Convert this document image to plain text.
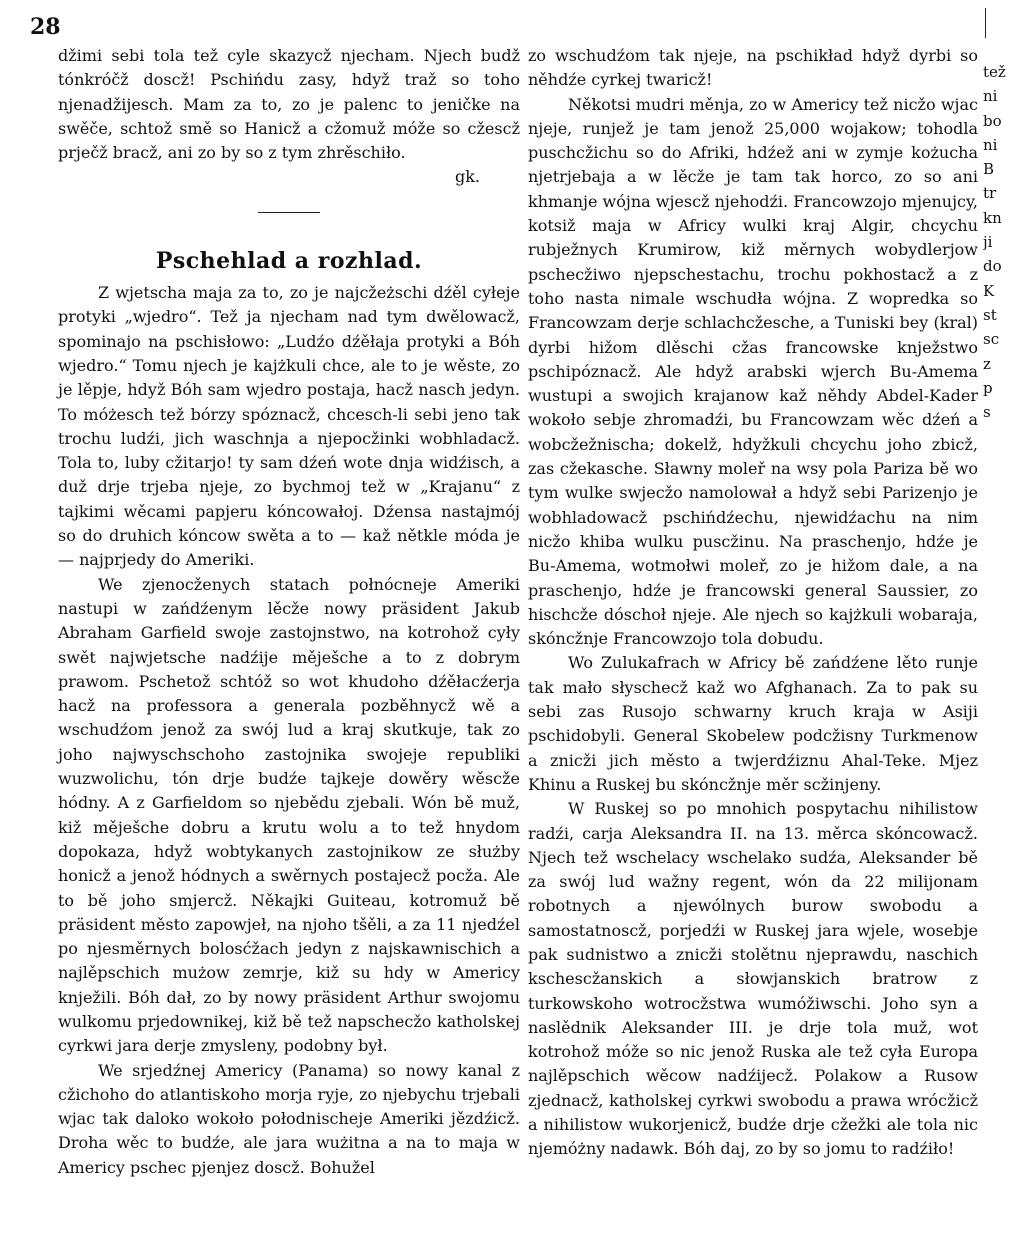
28

džimi sebi tola tež cyle skazycž njecham. Njech budž tónkróčž doscž! Pschińdu zasy, hdyž traž so toho njenadžijesch. Mam za to, zo je palenc to jeničke na swěče, schtož smě so Hanicž a cžomuž móže so cžescž prječž bracž, ani zo by so z tym zhrěschiło.

gk.

Pschehlad a rozhlad.

Z wjetscha maja za to, zo je najcžeżschi dźěl cyłeje protyki „wjedro“. Tež ja njecham nad tym dwělowacž, spominajo na pschisłowo: „Ludźo dźěłaja protyki a Bóh wjedro.“ Tomu njech je kajżkuli chce, ale to je wěste, zo je lěpje, hdyž Bóh sam wjedro postaja, hacž nasch jedyn. To móżesch tež bórzy spóznacž, chcesch-li sebi jeno tak trochu ludźi, jich waschnja a njepocžinki wobhladacž. Tola to, luby cžitarjo! ty sam dźeń wote dnja widźisch, a duž drje trjeba njeje, zo bychmoj tež w „Krajanu“ z tajkimi wěcami papjeru kóncowałoj. Dźensa nastajmój so do druhich kóncow swěta a to — kaž nětkle móda je — najprjedy do Ameriki.

We zjenocženych statach połnócneje Ameriki nastupi w zańdźenym lěcže nowy präsident Jakub Abraham Garfield swoje zastojnstwo, na kotrohož cyły swět najwjetsche nadźije měješche a to z dobrym prawom. Pschetož schtóž so wot khudoho dźěłacźerja hacž na professora a generala pozběhnycž wě a wschudźom jenož za swój lud a kraj skutkuje, tak zo joho najwyschschoho zastojnika swojeje republiki wuzwolichu, tón drje budźe tajkeje dowěry wěscže hódny. A z Garfieldom so njebědu zjebali. Wón bě muž, kiž měješche dobru a krutu wolu a to tež hnydom dopokaza, hdyž wobtykanych zastojnikow ze służby honicž a jenož hódnych a swěrnych postajecž pocža. Ale to bě joho smjercž. Někajki Guiteau, kotromuž bě präsident město zapowjeł, na njoho tšěli, a za 11 njedźel po njesměrnych bolosćžach jedyn z najskawnischich a najlěpschich mużow zemrje, kiž su hdy w Americy knježili. Bóh dał, zo by nowy präsident Arthur swojomu wulkomu prjedownikej, kiž bě tež napschecžo katholskej cyrkwi jara derje zmysleny, podobny był.

We srjedźnej Americy (Panama) so nowy kanal z cžichoho do atlantiskoho morja ryje, zo njebychu trjebali wjac tak daloko wokoło połodnischeje Ameriki jězdźicž. Droha wěc to budźe, ale jara wużitna a na to maja w Americy pschec pjenjez doscž. Bohužel

zo wschudźom tak njeje, na pschikład hdyž dyrbi so něhdźe cyrkej twaricž!

Někotsi mudri měnja, zo w Americy tež nicžo wjac njeje, runjež je tam jenož 25,000 wojakow; tohodla puschcžichu so do Afriki, hdźež ani w zymje kożucha njetrjebaja a w lěcže je tam tak horco, zo so ani khmanje wójna wjescž njehodźi. Francowzojo mjenujcy, kotsiž maja w Africy wulki kraj Algir, chcychu rubježnych Krumirow, kiž měrnych wobydlerjow pschecžiwo njepschestachu, trochu pokhostacž a z toho nasta nimale wschudła wójna. Z wopredka so Francowzam derje schlachcžesche, a Tuniski bey (kral) dyrbi hižom dlěschi cžas francowske knježstwo pschipóznacž. Ale hdyž arabski wjerch Bu-Amema wustupi a swojich krajanow kaž něhdy Abdel-Kader wokoło sebje zhromadźi, bu Francowzam wěc dźeń a wobcžežnischa; dokelž, hdyžkuli chcychu joho zbicž, zas cžekasche. Sławny moleř na wsy pola Pariza bě wo tym wulke swjecžo namolował a hdyž sebi Parizenjo je wobhladowacž pschińdźechu, njewidźachu na nim nicžo khiba wulku puscžinu. Na praschenjo, hdźe je Bu-Amema, wotmołwi moleř, zo je hižom dale, a na praschenjo, hdźe je francowski general Saussier, zo hischcže dóschoł njeje. Ale njech so kajżkuli wobaraja, skóncžnje Francowzojo tola dobudu.

Wo Zulukafrach w Africy bě zańdźene lěto runje tak mało słyschecž kaž wo Afghanach. Za to pak su sebi zas Rusojo schwarny kruch kraja w Asiji pschidobyli. General Skobelew podcžisny Turkmenow a znicži jich město a twjerdźiznu Ahal-Teke. Mjez Khinu a Ruskej bu skóncžnje měr scžinjeny.

W Ruskej so po mnohich pospytachu nihilistow radźi, carja Aleksandra II. na 13. měrca skóncowacž. Njech tež wschelacy wschelako sudźa, Aleksander bě za swój lud wažny regent, wón da 22 milijonam robotnych a njewólnych burow swobodu a samostatnoscž, porjedźi w Ruskej jara wjele, wosebje pak sudnistwo a znicži stolětnu njeprawdu, naschich kschescžanskich a słowjanskich bratrow z turkowskoho wotrocžstwa wumóžiwschi. Joho syn a naslědnik Aleksander III. je drje tola muž, wot kotrohož móže so nic jenož Ruska ale tež cyła Europa najlěpschich wěcow nadźijecž. Polakow a Rusow zjednacž, katholskej cyrkwi swobodu a prawa wrócžicž a nihilistow wukorjenicž, budźe drje cžežki ale tola nic njemóżny nadawk. Bóh daj, zo by so jomu to radźiło!

tež
ni
bo
ni
B
tr
kn
ji
do
K
st
sc
z
p
s
